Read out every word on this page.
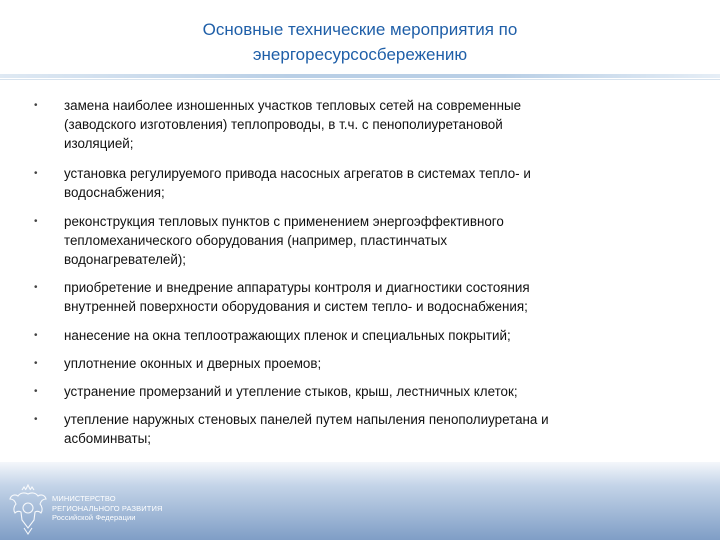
Основные технические мероприятия по
энергоресурсосбережению
• замена наиболее изношенных участков тепловых сетей на современные
(заводского изготовления) теплопроводы, в т.ч. с пенополиуретановой
изоляцией;
• установка регулируемого привода насосных агрегатов в системах тепло- и
водоснабжения;
• реконструкция тепловых пунктов с применением энергоэффективного
тепломеханического оборудования (например, пластинчатых
водонагревателей);
• приобретение и внедрение аппаратуры контроля и диагностики состояния
внутренней поверхности оборудования и систем тепло- и водоснабжения;
• нанесение на окна теплоотражающих пленок и специальных покрытий;
• уплотнение оконных и дверных проемов;
• устранение промерзаний и утепление стыков, крыш, лестничных клеток;
• утепление наружных стеновых панелей путем напыления пенополиуретана и
асбоминваты;
МИНИСТЕРСТВО
РЕГИОНАЛЬНОГО РАЗВИТИЯ
Российской Федерации
